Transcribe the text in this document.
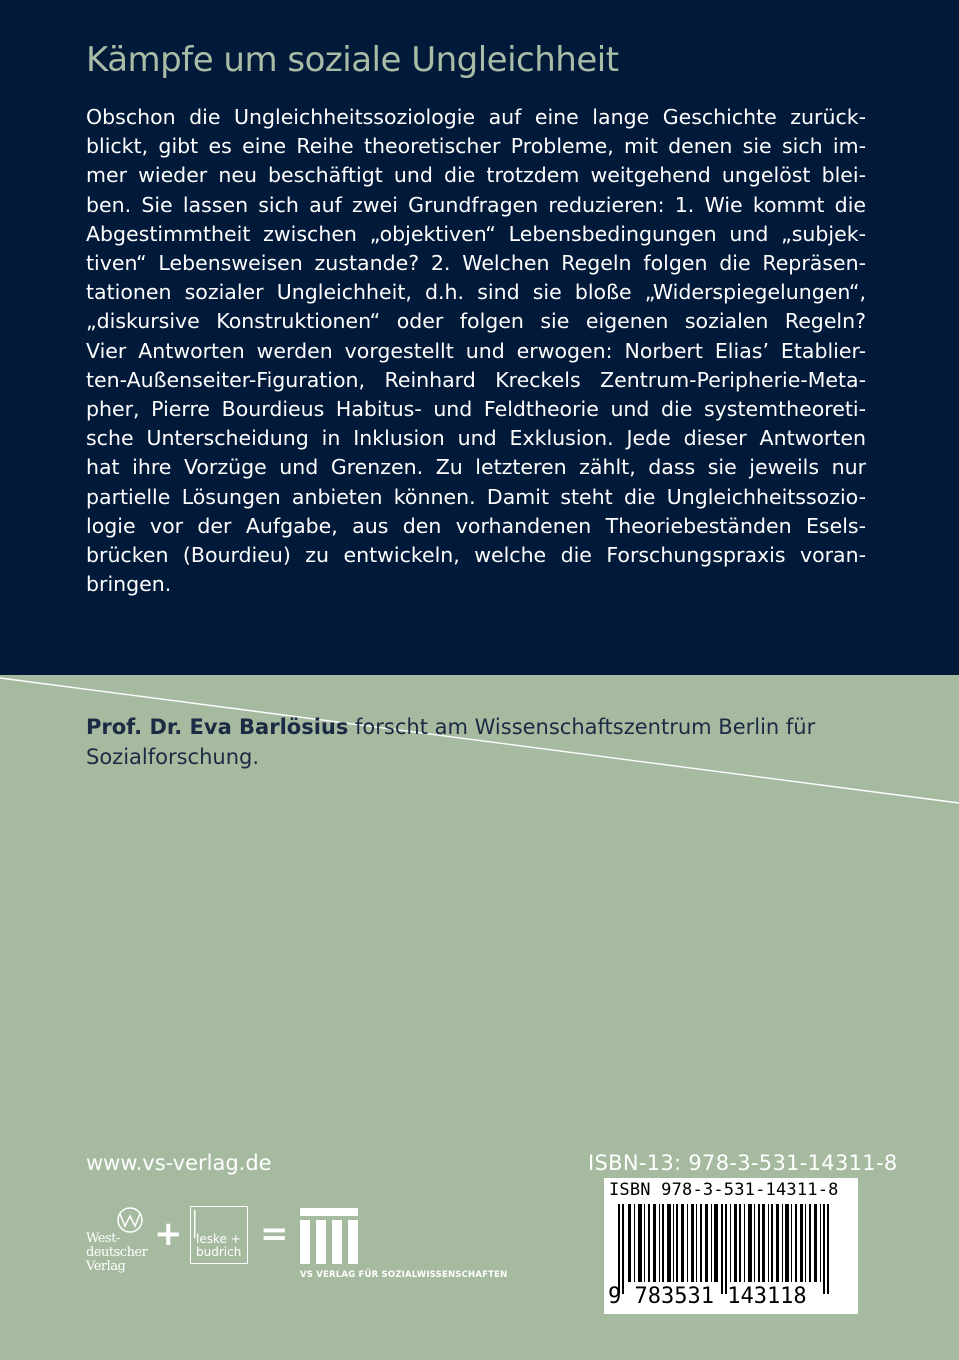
Kämpfe um soziale Ungleichheit
Obschon die Ungleichheitssoziologie auf eine lange Geschichte zurück-
blickt, gibt es eine Reihe theoretischer Probleme, mit denen sie sich im-
mer wieder neu beschäftigt und die trotzdem weitgehend ungelöst blei-
ben. Sie lassen sich auf zwei Grundfragen reduzieren: 1. Wie kommt die
Abgestimmtheit zwischen „objektiven“ Lebensbedingungen und „subjek-
tiven“ Lebensweisen zustande? 2. Welchen Regeln folgen die Repräsen-
tationen sozialer Ungleichheit, d.h. sind sie bloße „Widerspiegelungen“,
„diskursive Konstruktionen“ oder folgen sie eigenen sozialen Regeln?
Vier Antworten werden vorgestellt und erwogen: Norbert Elias’ Etablier-
ten-Außenseiter-Figuration, Reinhard Kreckels Zentrum-Peripherie-Meta-
pher, Pierre Bourdieus Habitus- und Feldtheorie und die systemtheoreti-
sche Unterscheidung in Inklusion und Exklusion. Jede dieser Antworten
hat ihre Vorzüge und Grenzen. Zu letzteren zählt, dass sie jeweils nur
partielle Lösungen anbieten können. Damit steht die Ungleichheitssozio-
logie vor der Aufgabe, aus den vorhandenen Theoriebeständen Esels-
brücken (Bourdieu) zu entwickeln, welche die Forschungspraxis voran-
bringen.
Prof. Dr. Eva Barlösius forscht am Wissenschaftszentrum Berlin für
Sozialforschung.
www.vs-verlag.de	ISBN-13: 978-3-531-14311-8
ISBN 978-3-531-14311-8
9 783531 143118
West-
deutscher
Verlag
+ leske +
budrich =
VS VERLAG FÜR SOZIALWISSENSCHAFTEN
